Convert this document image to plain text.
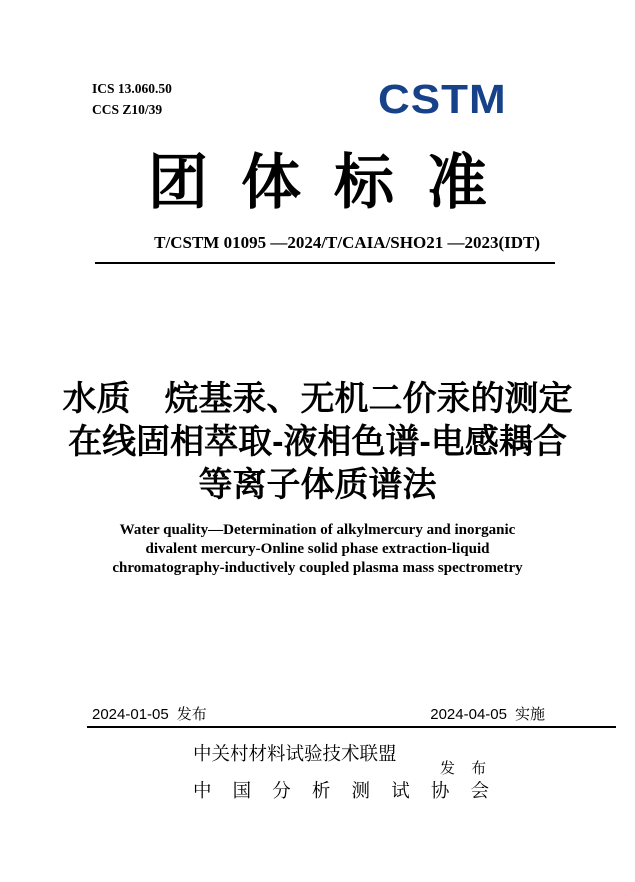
ICS 13.060.50
CCS Z10/39	CSTM
团体标准
T/CSTM 01095 —2024/T/CAIA/SHO21 —2023(IDT)
水质　烷基汞、无机二价汞的测定
在线固相萃取-液相色谱-电感耦合
等离子体质谱法
Water quality—Determination of alkylmercury and inorganic
divalent mercury-Online solid phase extraction-liquid
chromatography-inductively coupled plasma mass spectrometry
2024-01-05 发布	2024-04-05 实施
中关村材料试验技术联盟
中 国 分 析 测 试 协 会
发 布
